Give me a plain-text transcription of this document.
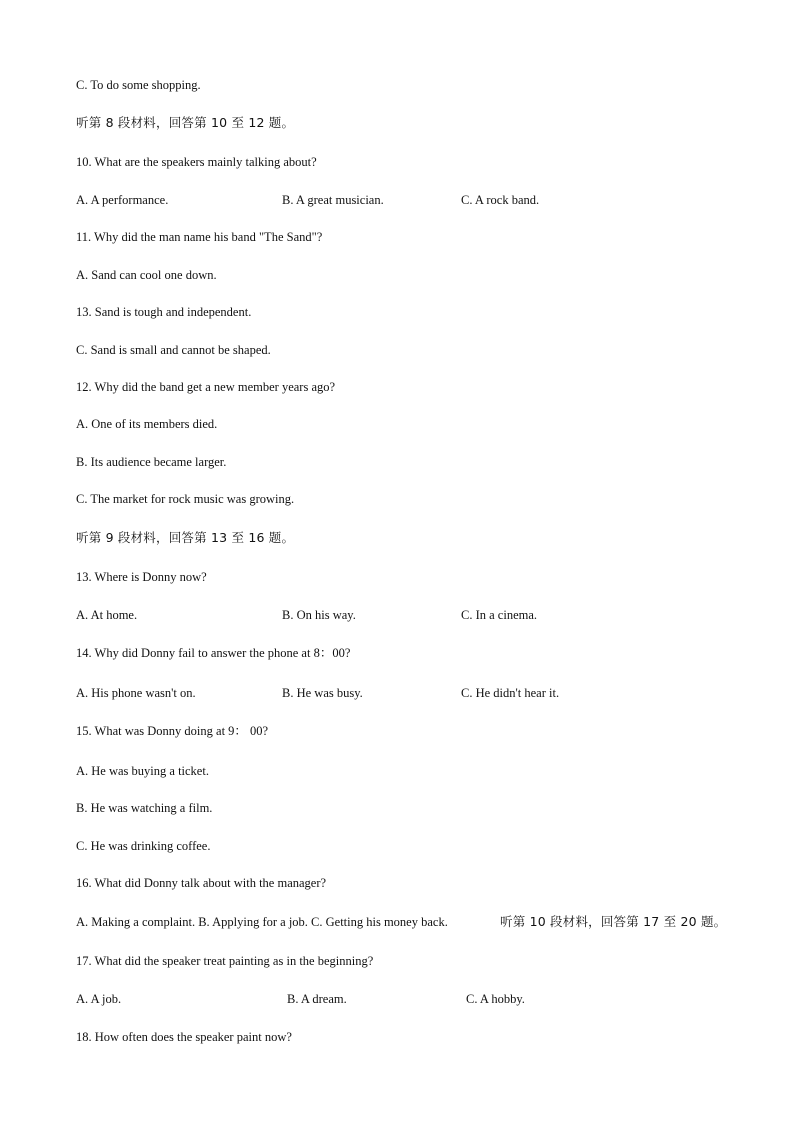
C. To do some shopping.
听第 8 段材料，回答第 10 至 12 题。
10. What are the speakers mainly talking about?
A. A performance.	B. A great musician.	C. A rock band.
11. Why did the man name his band "The Sand"?
A. Sand can cool one down.
13. Sand is tough and independent.
C. Sand is small and cannot be shaped.
12. Why did the band get a new member years ago?
A. One of its members died.
B. Its audience became larger.
C. The market for rock music was growing.
听第 9 段材料，回答第 13 至 16 题。
13. Where is Donny now?
A. At home.	B. On his way.	C. In a cinema.
14. Why did Donny fail to answer the phone at 8：00?
A. His phone wasn't on.	B. He was busy.	C. He didn't hear it.
15. What was Donny doing at 9： 00?
A. He was buying a ticket.
B. He was watching a film.
C. He was drinking coffee.
16. What did Donny talk about with the manager?
A. Making a complaint. B. Applying for a job. C. Getting his money back.	听第 10 段材料，回答第 17 至 20 题。
17. What did the speaker treat painting as in the beginning?
A. A job.	B. A dream.	C. A hobby.
18. How often does the speaker paint now?
